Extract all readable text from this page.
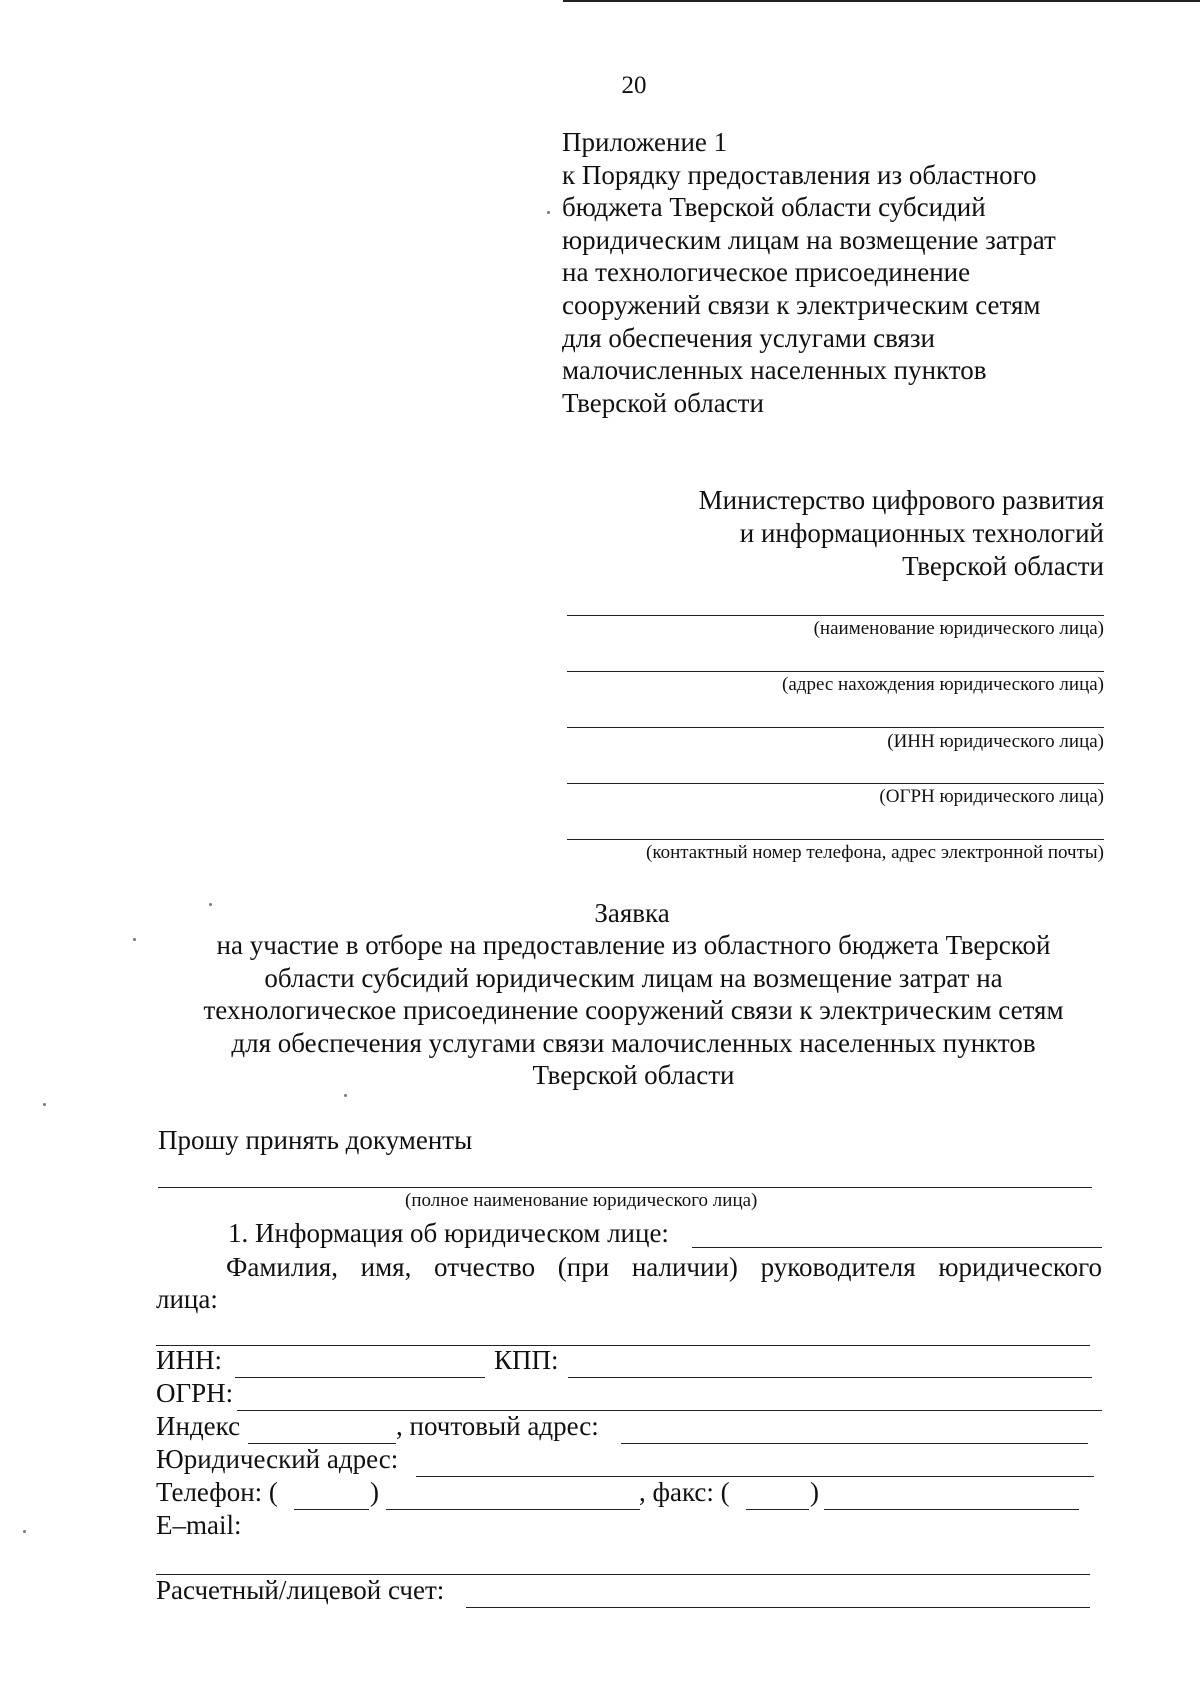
20
Приложение 1
к Порядку предоставления из областного
бюджета Тверской области субсидий
юридическим лицам на возмещение затрат
на технологическое присоединение
сооружений связи к электрическим сетям
для обеспечения услугами связи
малочисленных населенных пунктов
Тверской области
Министерство цифрового развития
и информационных технологий
Тверской области
(наименование юридического лица)
(адрес нахождения юридического лица)
(ИНН юридического лица)
(ОГРН юридического лица)
(контактный номер телефона, адрес электронной почты)
Заявка
на участие в отборе на предоставление из областного бюджета Тверской
области субсидий юридическим лицам на возмещение затрат на
технологическое присоединение сооружений связи к электрическим сетям
для обеспечения услугами связи малочисленных населенных пунктов
Тверской области
Прошу принять документы
(полное наименование юридического лица)
1. Информация об юридическом лице:
Фамилия, имя, отчество (при наличии) руководителя юридического
лица:
ИНН:	КПП:
ОГРН:
Индекс	, почтовый адрес:
Юридический адрес:
Телефон: (	)	, факс: (	)
E–mail:
Расчетный/лицевой счет:
